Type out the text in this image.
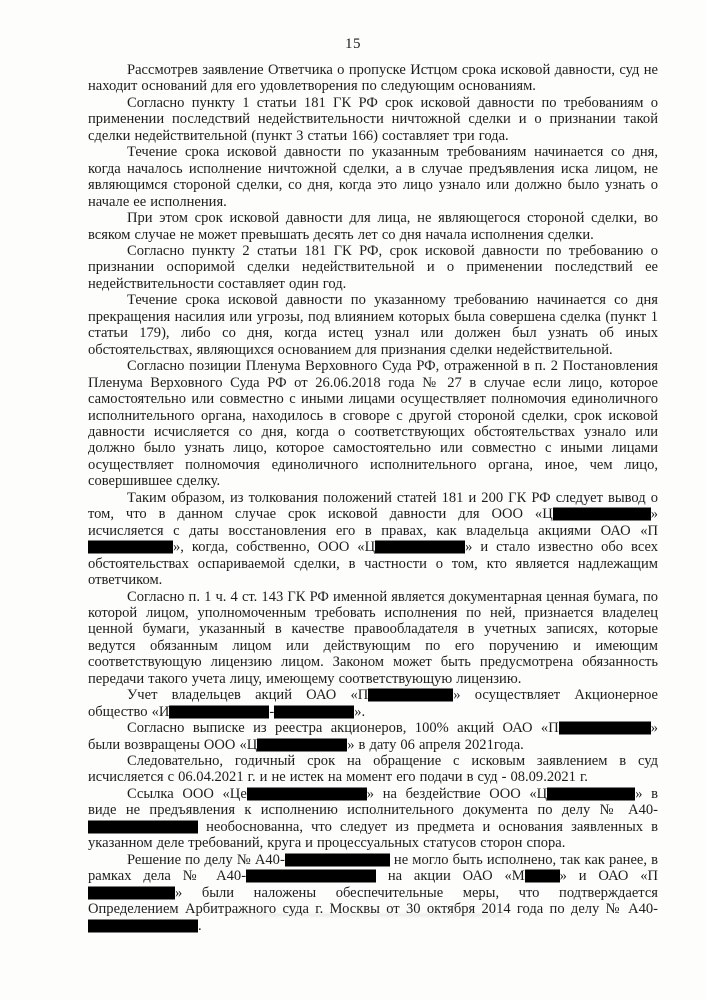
15

Рассмотрев заявление Ответчика о пропуске Истцом срока исковой давности, суд не находит оснований для его удовлетворения по следующим основаниям.

Согласно пункту 1 статьи 181 ГК РФ срок исковой давности по требованиям о применении последствий недействительности ничтожной сделки и о признании такой сделки недействительной (пункт 3 статьи 166) составляет три года.

Течение срока исковой давности по указанным требованиям начинается со дня, когда началось исполнение ничтожной сделки, а в случае предъявления иска лицом, не являющимся стороной сделки, со дня, когда это лицо узнало или должно было узнать о начале ее исполнения.

При этом срок исковой давности для лица, не являющегося стороной сделки, во всяком случае не может превышать десять лет со дня начала исполнения сделки.

Согласно пункту 2 статьи 181 ГК РФ, срок исковой давности по требованию о признании оспоримой сделки недействительной и о применении последствий ее недействительности составляет один год.

Течение срока исковой давности по указанному требованию начинается со дня прекращения насилия или угрозы, под влиянием которых была совершена сделка (пункт 1 статьи 179), либо со дня, когда истец узнал или должен был узнать об иных обстоятельствах, являющихся основанием для признания сделки недействительной.

Согласно позиции Пленума Верховного Суда РФ, отраженной в п. 2 Постановления Пленума Верховного Суда РФ от 26.06.2018 года № 27 в случае если лицо, которое самостоятельно или совместно с иными лицами осуществляет полномочия единоличного исполнительного органа, находилось в сговоре с другой стороной сделки, срок исковой давности исчисляется со дня, когда о соответствующих обстоятельствах узнало или должно было узнать лицо, которое самостоятельно или совместно с иными лицами осуществляет полномочия единоличного исполнительного органа, иное, чем лицо, совершившее сделку.

Таким образом, из толкования положений статей 181 и 200 ГК РФ следует вывод о том, что в данном случае срок исковой давности для ООО «Ц	» исчисляется с даты восстановления его в правах, как владельца акциями ОАО «П», когда, собственно, ООО «Ц	» и стало известно обо всех обстоятельствах оспариваемой сделки, в частности о том, кто является надлежащим ответчиком.

Согласно п. 1 ч. 4 ст. 143 ГК РФ именной является документарная ценная бумага, по которой лицом, уполномоченным требовать исполнения по ней, признается владелец ценной бумаги, указанный в качестве правообладателя в учетных записях, которые ведутся обязанным лицом или действующим по его поручению и имеющим соответствующую лицензию лицом. Законом может быть предусмотрена обязанность передачи такого учета лицу, имеющему соответствующую лицензию.

Учет владельцев акций ОАО «П	» осуществляет Акционерное общество «И	-	».

Согласно выписке из реестра акционеров, 100% акций ОАО «П	» были возвращены ООО «Ц	» в дату 06 апреля 2021года.

Следовательно, годичный срок на обращение с исковым заявлением в суд исчисляется с 06.04.2021 г. и не истек на момент его подачи в суд - 08.09.2021 г.

Ссылка ООО «Це	» на бездействие ООО «Ц	» в виде не предъявления к исполнению исполнительного документа по делу № А40- необоснованна, что следует из предмета и основания заявленных в указанном деле требований, круга и процессуальных статусов сторон спора.

Решение по делу № А40-	не могло быть исполнено, так как ранее, в рамках дела № А40-	на акции ОАО «М » и ОАО «П» были наложены обеспечительные меры, что подтверждается Определением Арбитражного суда г. Москвы от 30 октября 2014 года по делу № А40-.
